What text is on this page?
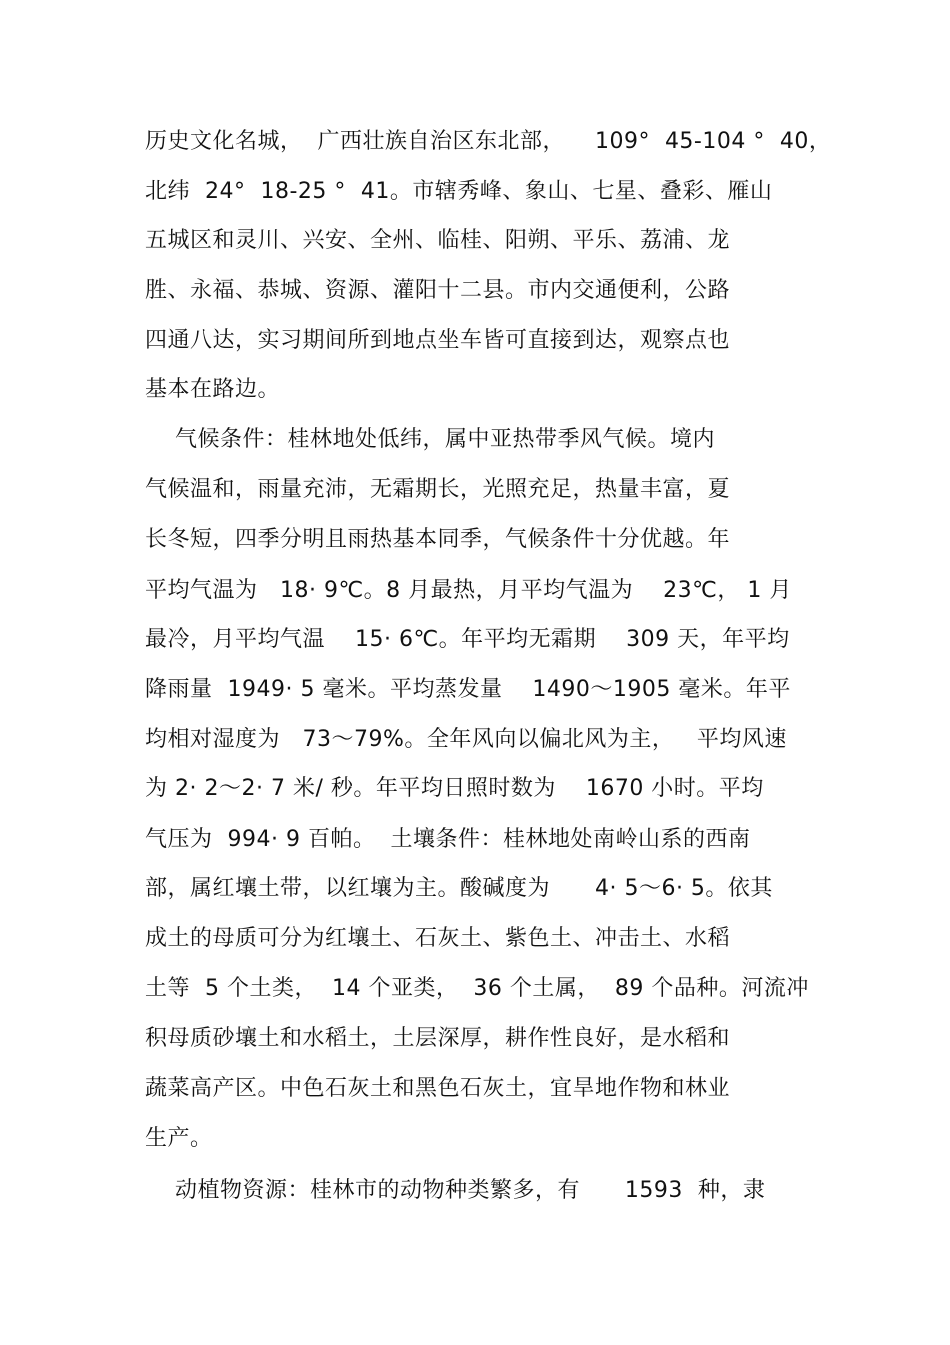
历史文化名城，  广西壮族自治区东北部，    109°  45-104 °  40，
北纬  24°  18-25 °  41。市辖秀峰、象山、七星、叠彩、雁山
五城区和灵川、兴安、全州、临桂、阳朔、平乐、荔浦、龙
胜、永福、恭城、资源、灌阳十二县。市内交通便利，公路
四通八达，实习期间所到地点坐车皆可直接到达，观察点也
基本在路边。
气候条件：桂林地处低纬，属中亚热带季风气候。境内
气候温和，雨量充沛，无霜期长，光照充足，热量丰富，夏
长冬短，四季分明且雨热基本同季，气候条件十分优越。年
平均气温为   18· 9℃。8 月最热，月平均气温为    23℃， 1 月
最冷，月平均气温    15· 6℃。年平均无霜期    309 天，年平均
降雨量  1949· 5 毫米。平均蒸发量    1490～1905 毫米。年平
均相对湿度为   73～79%。全年风向以偏北风为主，   平均风速
为 2· 2～2· 7 米/ 秒。年平均日照时数为    1670 小时。平均
气压为  994· 9 百帕。  土壤条件：桂林地处南岭山系的西南
部，属红壤土带，以红壤为主。酸碱度为      4· 5～6· 5。依其
成土的母质可分为红壤土、石灰土、紫色土、冲击土、水稻
土等  5 个土类，  14 个亚类，  36 个土属，  89 个品种。河流冲
积母质砂壤土和水稻土，土层深厚，耕作性良好，是水稻和
蔬菜高产区。中色石灰土和黑色石灰土，宜旱地作物和林业
生产。
动植物资源：桂林市的动物种类繁多，有      1593  种，隶
